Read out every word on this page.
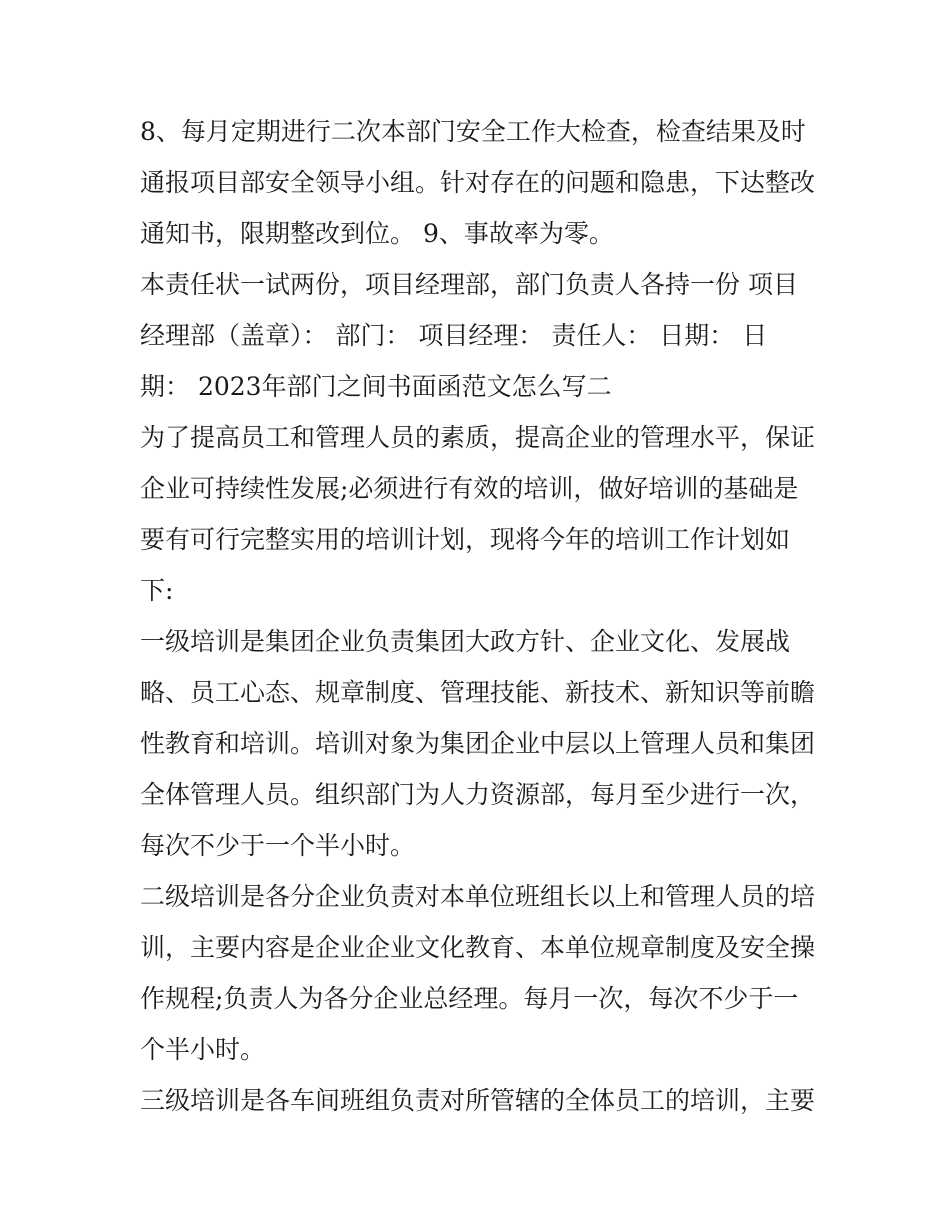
8、每月定期进行二次本部门安全工作大检查，检查结果及时
通报项目部安全领导小组。针对存在的问题和隐患，下达整改
通知书，限期整改到位。 9、事故率为零。
本责任状一试两份，项目经理部，部门负责人各持一份 项目
经理部（盖章）： 部门： 项目经理： 责任人： 日期： 日
期： 2023年部门之间书面函范文怎么写二
为了提高员工和管理人员的素质，提高企业的管理水平，保证
企业可持续性发展;必须进行有效的培训，做好培训的基础是
要有可行完整实用的培训计划，现将今年的培训工作计划如
下:
一级培训是集团企业负责集团大政方针、企业文化、发展战
略、员工心态、规章制度、管理技能、新技术、新知识等前瞻
性教育和培训。培训对象为集团企业中层以上管理人员和集团
全体管理人员。组织部门为人力资源部，每月至少进行一次，
每次不少于一个半小时。
二级培训是各分企业负责对本单位班组长以上和管理人员的培
训，主要内容是企业企业文化教育、本单位规章制度及安全操
作规程;负责人为各分企业总经理。每月一次，每次不少于一
个半小时。
三级培训是各车间班组负责对所管辖的全体员工的培训，主要
